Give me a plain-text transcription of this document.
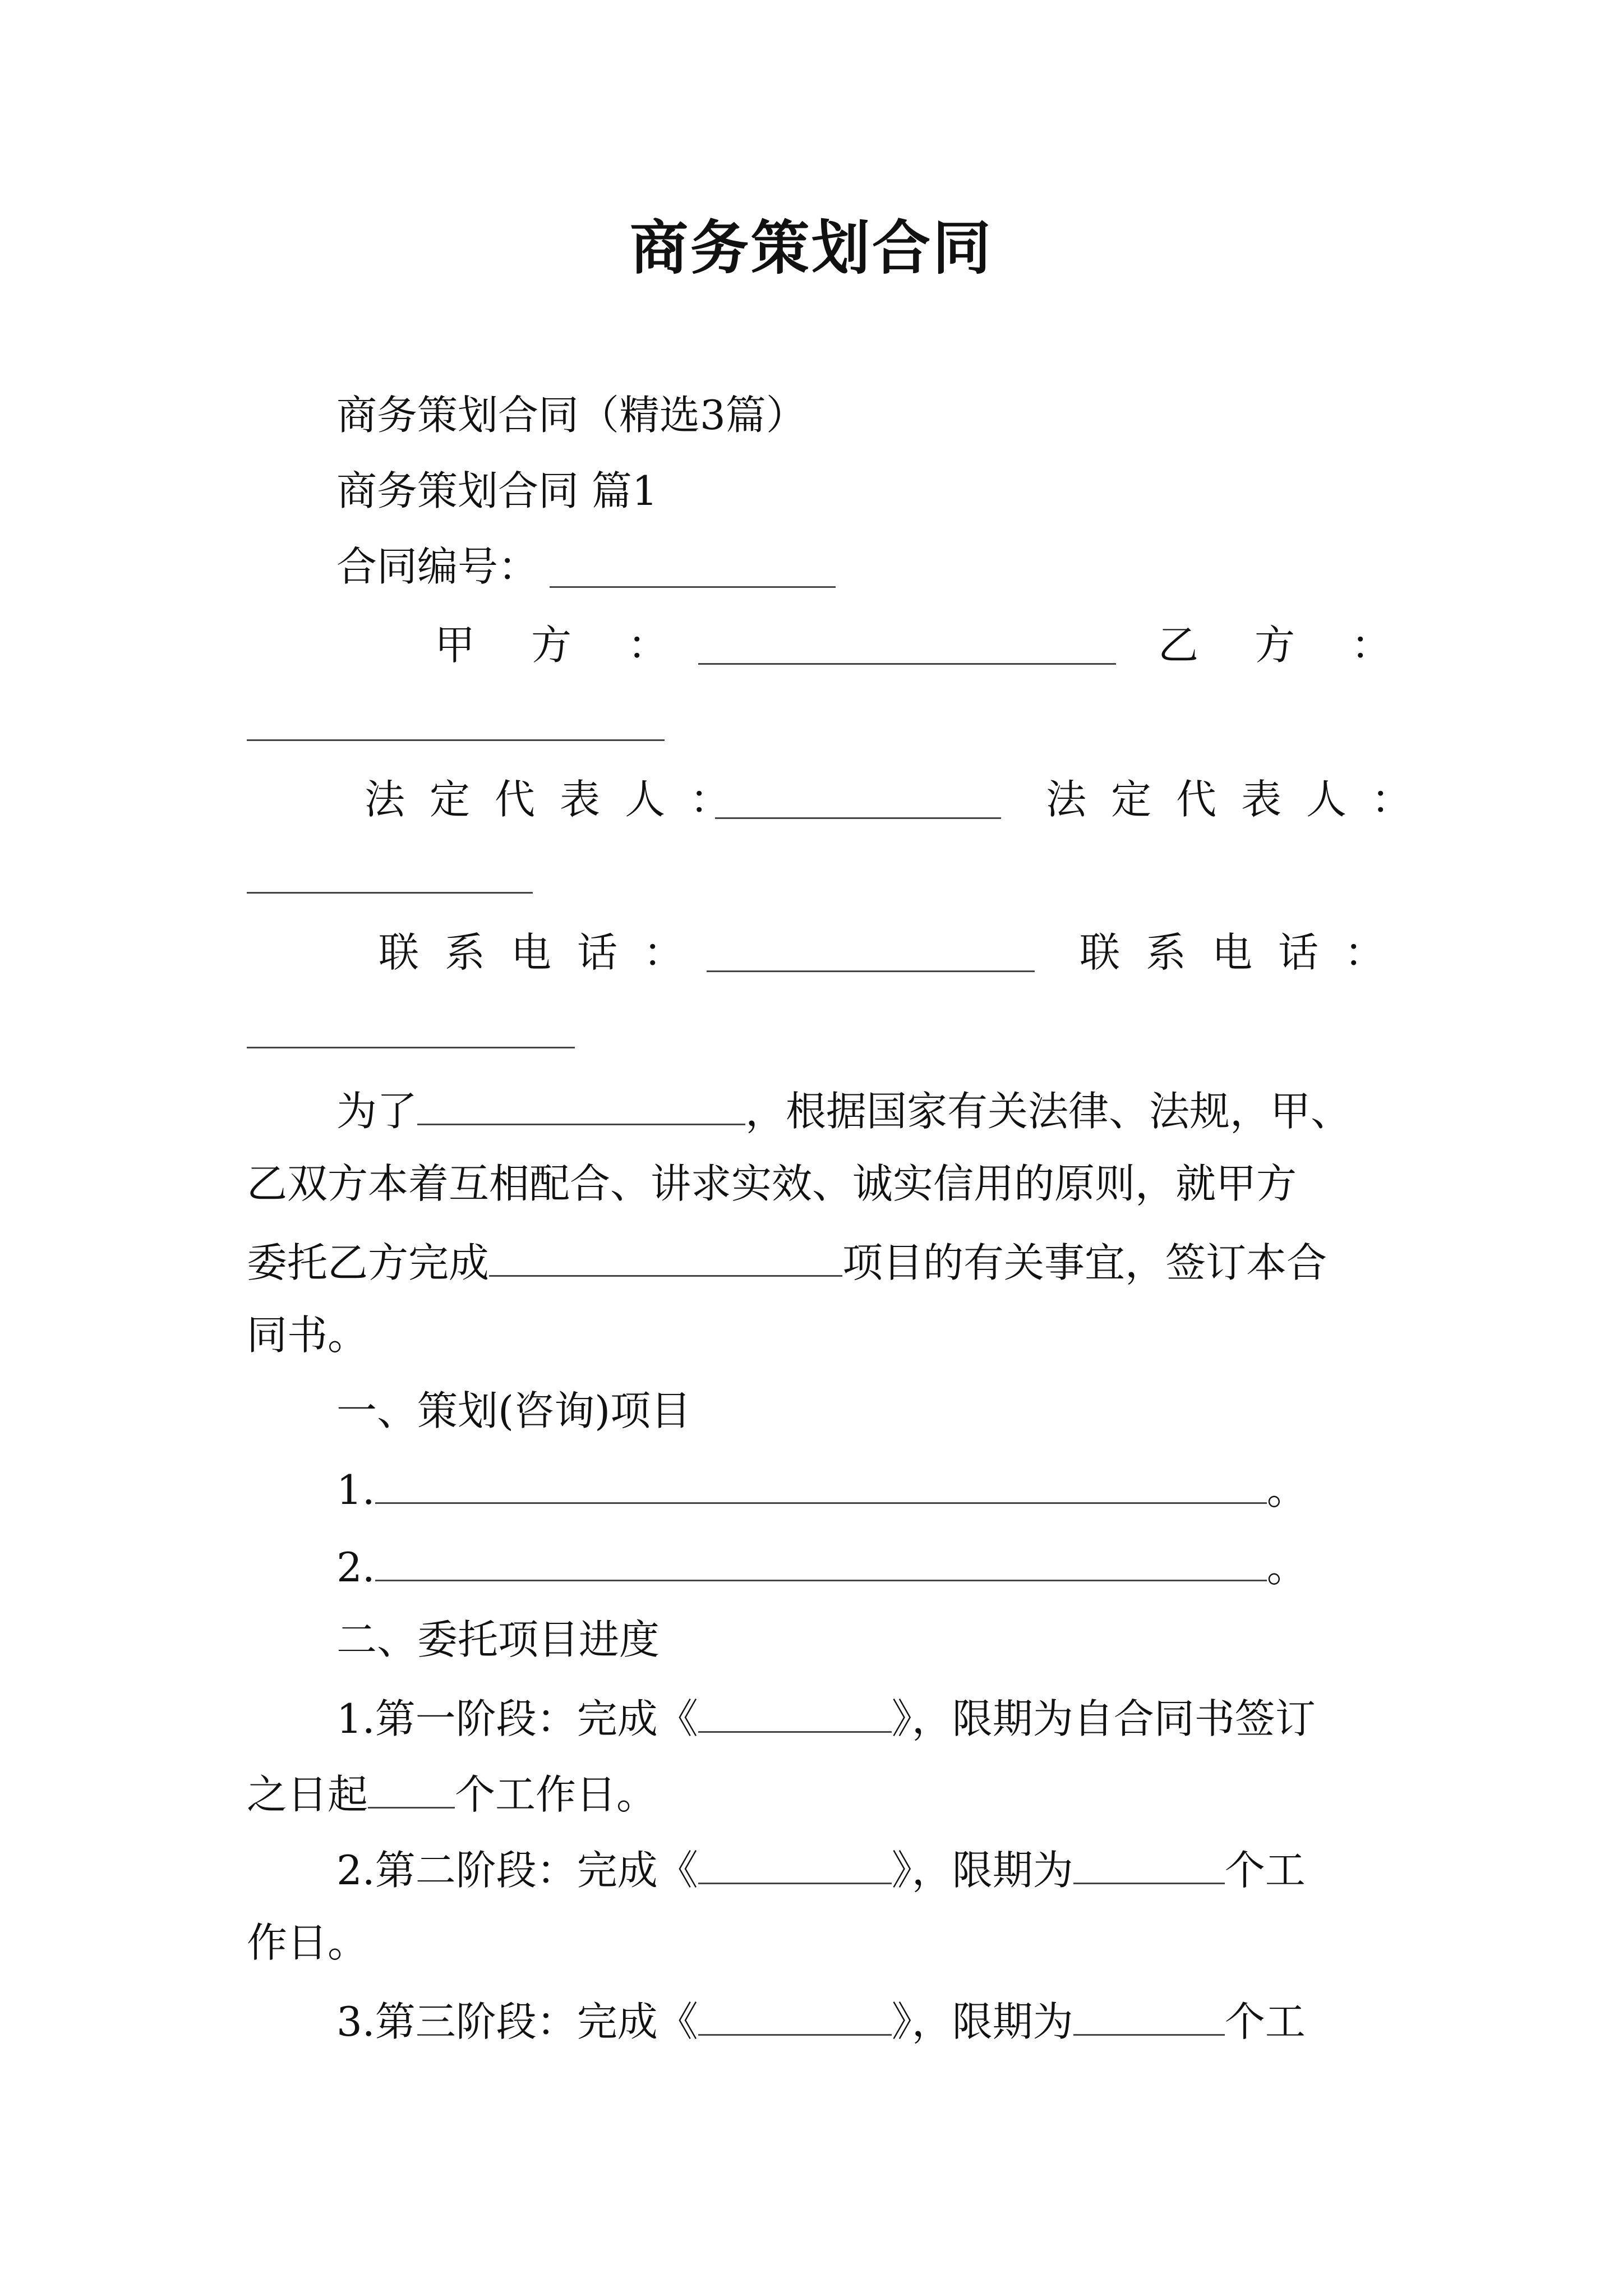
商务策划合同
商务策划合同（精选3篇）
商务策划合同 篇1
合同编号：
甲方：	乙方：
法定代表人：	法定代表人：
联系电话：	联系电话：
为了	，根据国家有关法律、法规，甲、
乙双方本着互相配合、讲求实效、诚实信用的原则，就甲方
委托乙方完成	项目的有关事宜，签订本合
同书。
一、策划(咨询)项目
1.	。
2.	。
二、委托项目进度
1.第一阶段：完成《	》，限期为自合同书签订
之日起 个工作日。
2.第二阶段：完成《	》，限期为	个工
作日。
3.第三阶段：完成《	》，限期为	个工
